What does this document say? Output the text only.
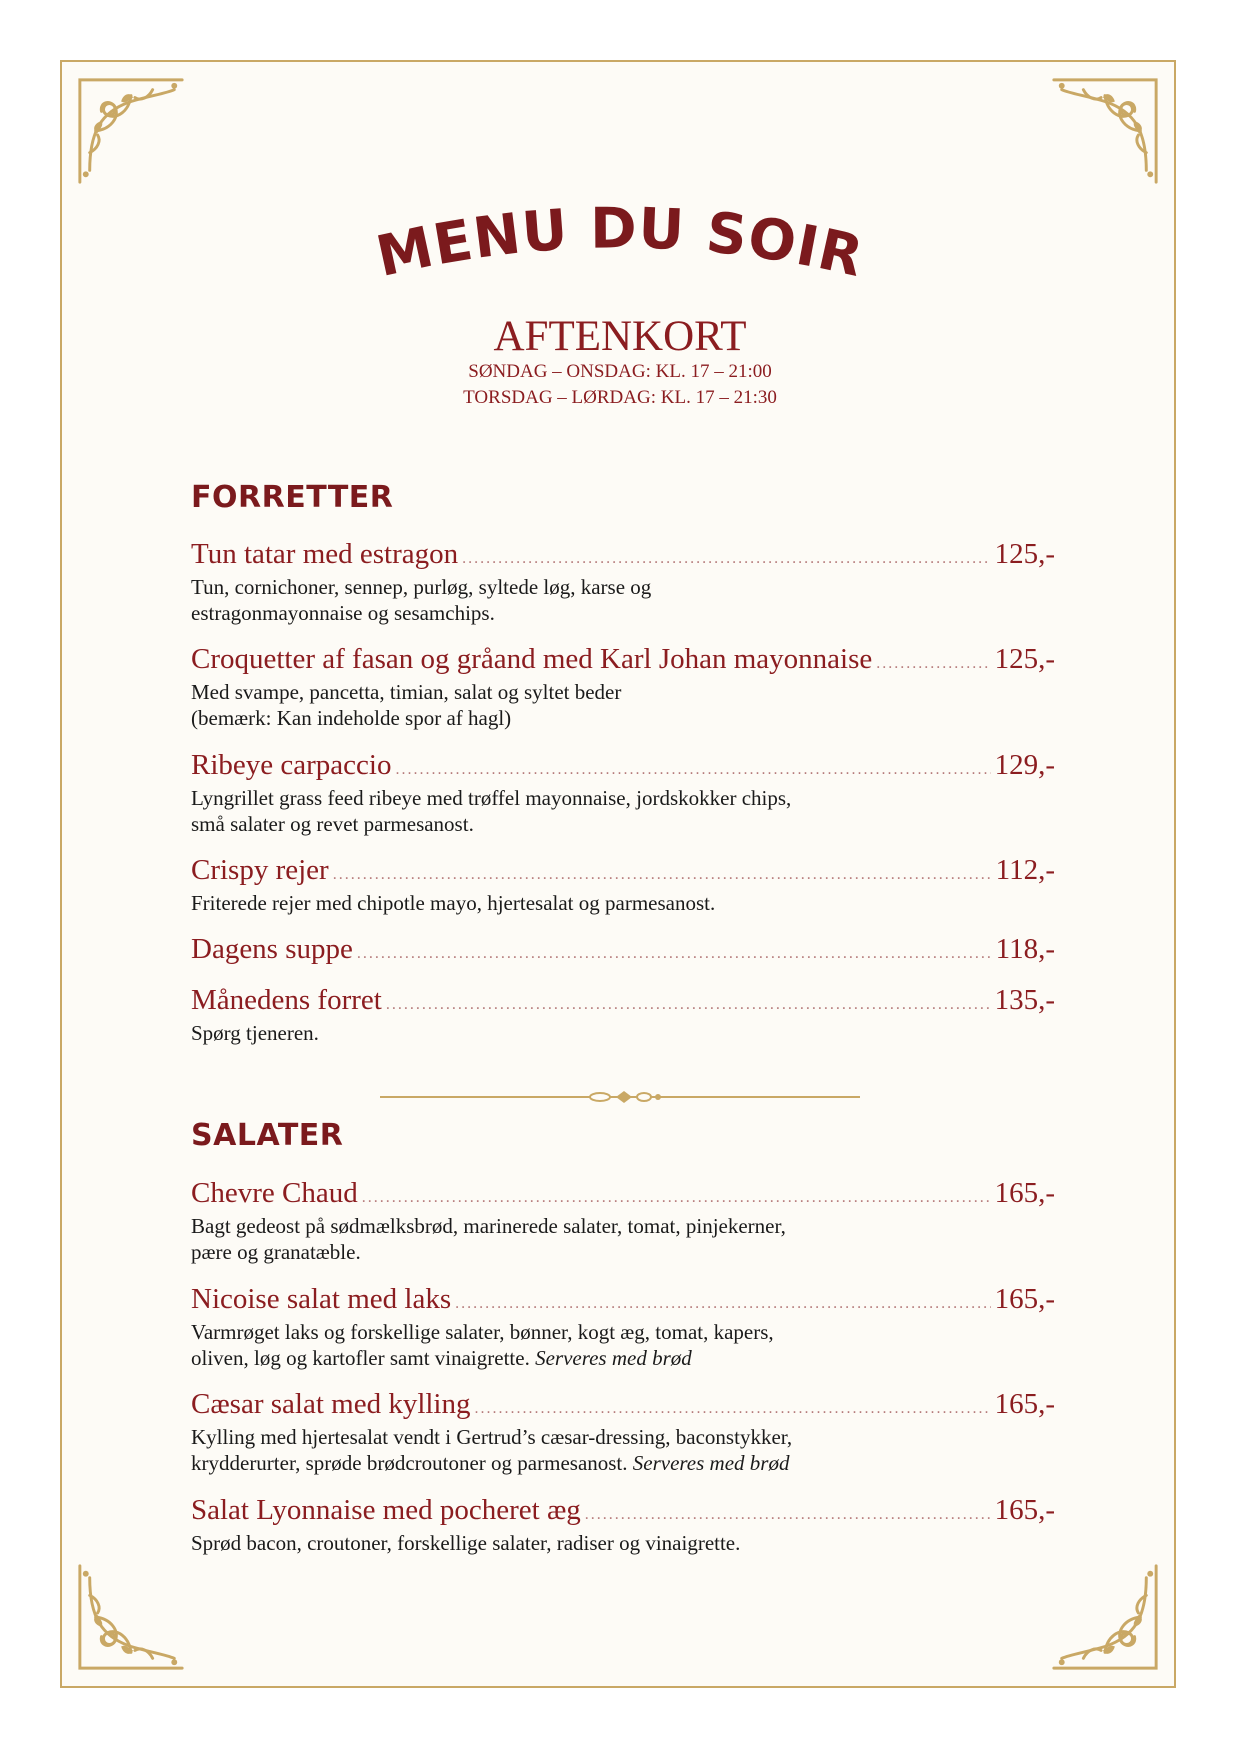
MENU DU SOIR
AFTENKORT
SØNDAG – ONSDAG: KL. 17 – 21:00
TORSDAG – LØRDAG: KL. 17 – 21:30
FORRETTER
Tun tatar med estragon .....	125,-
Tun, cornichoner, sennep, purløg, syltede løg, karse og
estragonmayonnaise og sesamchips.
Croquetter af fasan og gråand med Karl Johan mayonnaise .....	125,-
Med svampe, pancetta, timian, salat og syltet beder
(bemærk: Kan indeholde spor af hagl)
Ribeye carpaccio .....	129,-
Lyngrillet grass feed ribeye med trøffel mayonnaise, jordskokker chips,
små salater og revet parmesanost.
Crispy rejer .....	112,-
Friterede rejer med chipotle mayo, hjertesalat og parmesanost.
Dagens suppe .....	118,-
Månedens forret .....	135,-
Spørg tjeneren.
SALATER
Chevre Chaud .....	165,-
Bagt gedeost på sødmælksbrød, marinerede salater, tomat, pinjekerner,
pære og granatæble.
Nicoise salat med laks .....	165,-
Varmrøget laks og forskellige salater, bønner, kogt æg, tomat, kapers,
oliven, løg og kartofler samt vinaigrette. Serveres med brød
Cæsar salat med kylling .....	165,-
Kylling med hjertesalat vendt i Gertrud’s cæsar-dressing, baconstykker,
krydderurter, sprøde brødcroutoner og parmesanost. Serveres med brød
Salat Lyonnaise med pocheret æg .....	165,-
Sprød bacon, croutoner, forskellige salater, radiser og vinaigrette.
